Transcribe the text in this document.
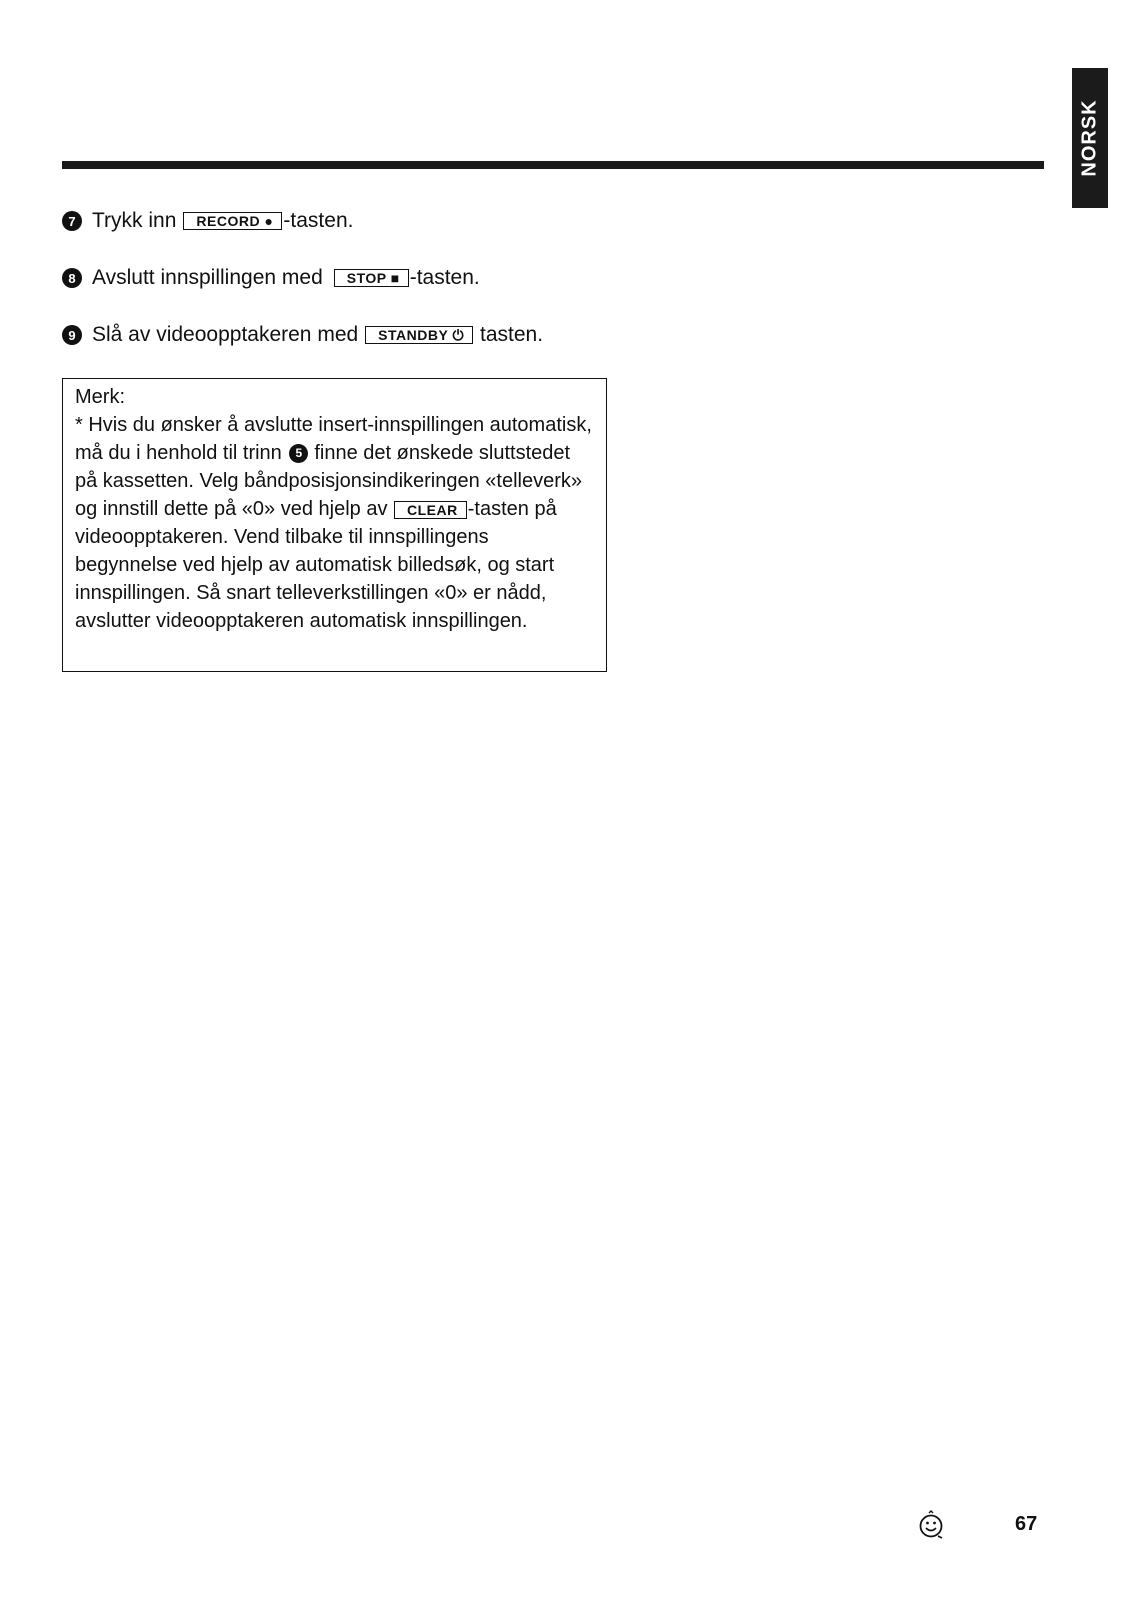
NORSK
7 Trykk inn	RECORD ● -tasten.
8 Avslutt innspillingen med	STOP ■ -tasten.
9 Slå av videoopptakeren med	STANDBY ⏻ tasten.

Merk:

* Hvis du ønsker å avslutte insert-innspillingen automatisk, må du i henhold til trinn 5 finne det ønskede sluttstedet på kassetten. Velg båndposisjonsindikeringen «telleverk» og innstill dette på «0» ved hjelp av CLEAR -tasten på videoopptakeren. Vend tilbake til innspillingens begynnelse ved hjelp av automatisk billedsøk, og start innspillingen. Så snart telleverkstillingen «0» er nådd, avslutter videoopptakeren automatisk innspillingen.

67
